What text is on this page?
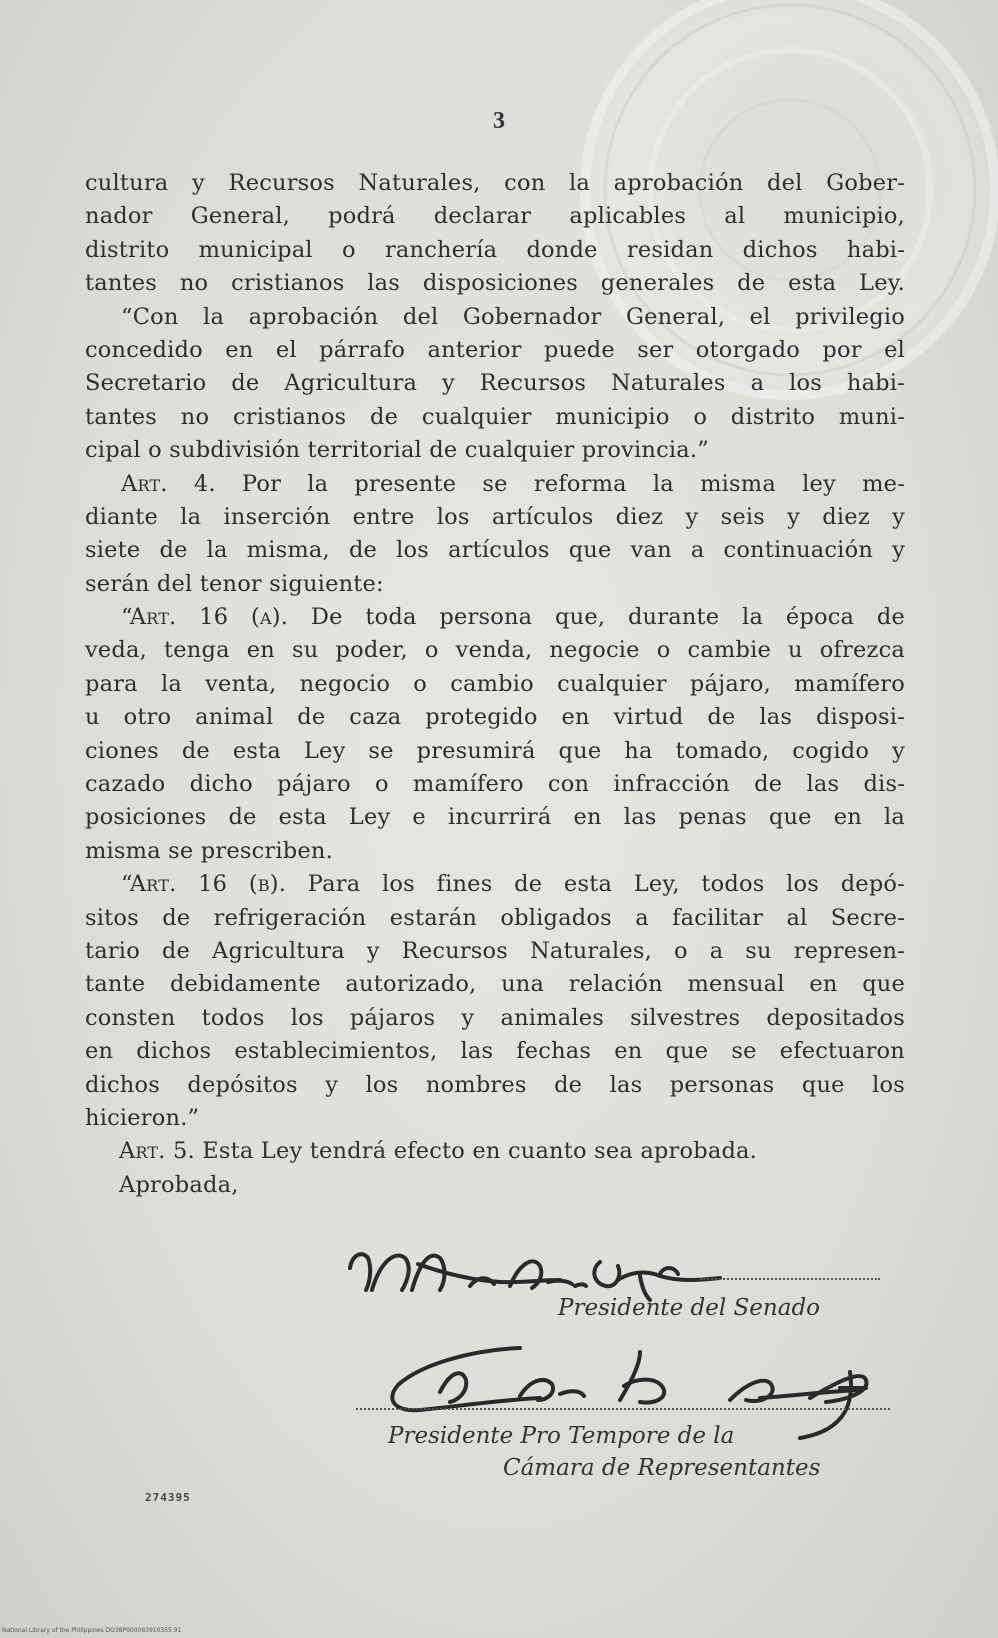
3
cultura y Recursos Naturales, con la aprobación del Gober-
nador General, podrá declarar aplicables al municipio,
distrito municipal o ranchería donde residan dichos habi-
tantes no cristianos las disposiciones generales de esta Ley.
“Con la aprobación del Gobernador General, el privilegio
concedido en el párrafo anterior puede ser otorgado por el
Secretario de Agricultura y Recursos Naturales a los habi-
tantes no cristianos de cualquier municipio o distrito muni-
cipal o subdivisión territorial de cualquier provincia.”
Art. 4. Por la presente se reforma la misma ley me-
diante la inserción entre los artículos diez y seis y diez y
siete de la misma, de los artículos que van a continuación y
serán del tenor siguiente:
“Art. 16 (a). De toda persona que, durante la época de
veda, tenga en su poder, o venda, negocie o cambie u ofrezca
para la venta, negocio o cambio cualquier pájaro, mamífero
u otro animal de caza protegido en virtud de las disposi-
ciones de esta Ley se presumirá que ha tomado, cogido y
cazado dicho pájaro o mamífero con infracción de las dis-
posiciones de esta Ley e incurrirá en las penas que en la
misma se prescriben.
“Art. 16 (b). Para los fines de esta Ley, todos los depó-
sitos de refrigeración estarán obligados a facilitar al Secre-
tario de Agricultura y Recursos Naturales, o a su represen-
tante debidamente autorizado, una relación mensual en que
consten todos los pájaros y animales silvestres depositados
en dichos establecimientos, las fechas en que se efectuaron
dichos depósitos y los nombres de las personas que los
hicieron.”
Art. 5. Esta Ley tendrá efecto en cuanto sea aprobada.
Aprobada,
Presidente del Senado
Presidente Pro Tempore de la
Cámara de Representantes
274395
National Library of the Philippines DO38P000063910355.91
